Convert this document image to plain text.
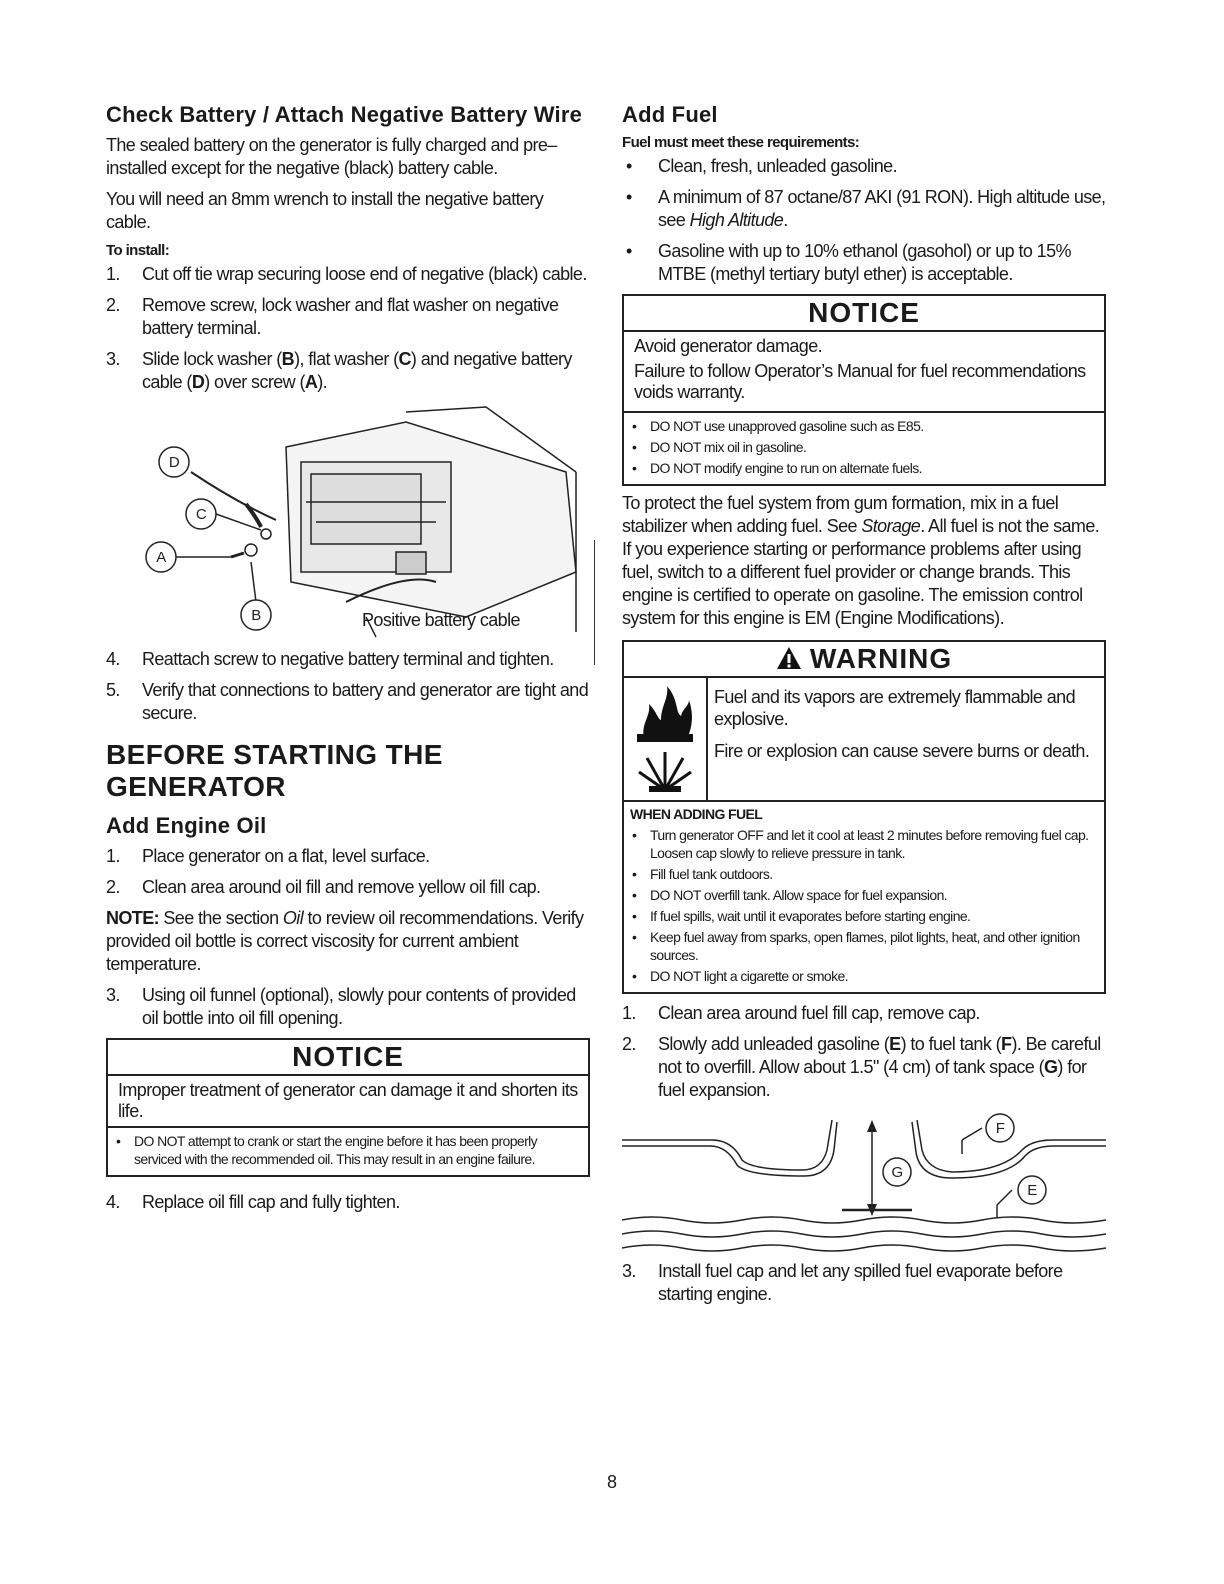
Check Battery / Attach Negative Battery Wire

The sealed battery on the generator is fully charged and pre–installed except for the negative (black) battery cable.

You will need an 8mm wrench to install the negative battery cable.

To install:
1. Cut off tie wrap securing loose end of negative (black) cable.
2. Remove screw, lock washer and flat washer on negative battery terminal.
3. Slide lock washer (B), flat washer (C) and negative battery cable (D) over screw (A).
D
C
A
B	Positive battery cable
4. Reattach screw to negative battery terminal and tighten.
5. Verify that connections to battery and generator are tight and secure.
BEFORE STARTING THE GENERATOR
Add Engine Oil
1. Place generator on a flat, level surface.
2. Clean area around oil fill and remove yellow oil fill cap.

NOTE: See the section Oil to review oil recommendations. Verify provided oil bottle is correct viscosity for current ambient temperature.

3. Using oil funnel (optional), slowly pour contents of provided oil bottle into oil fill opening.
NOTICE
Improper treatment of generator can damage it and shorten its life.
• DO NOT attempt to crank or start the engine before it has been properly serviced with the recommended oil. This may result in an engine failure.
4. Replace oil fill cap and fully tighten.
Add Fuel
Fuel must meet these requirements:
• Clean, fresh, unleaded gasoline.
• A minimum of 87 octane/87 AKI (91 RON). High altitude use, see High Altitude.
• Gasoline with up to 10% ethanol (gasohol) or up to 15% MTBE (methyl tertiary butyl ether) is acceptable.
NOTICE
Avoid generator damage.
Failure to follow Operator’s Manual for fuel recommendations voids warranty.
• DO NOT use unapproved gasoline such as E85.
• DO NOT mix oil in gasoline.
• DO NOT modify engine to run on alternate fuels.

To protect the fuel system from gum formation, mix in a fuel stabilizer when adding fuel. See Storage. All fuel is not the same. If you experience starting or performance problems after using fuel, switch to a different fuel provider or change brands. This engine is certified to operate on gasoline. The emission control system for this engine is EM (Engine Modifications).

WARNING
Fuel and its vapors are extremely flammable and explosive.
Fire or explosion can cause severe burns or death.
WHEN ADDING FUEL
• Turn generator OFF and let it cool at least 2 minutes before removing fuel cap. Loosen cap slowly to relieve pressure in tank.
• Fill fuel tank outdoors.
• DO NOT overfill tank. Allow space for fuel expansion.
• If fuel spills, wait until it evaporates before starting engine.
• Keep fuel away from sparks, open flames, pilot lights, heat, and other ignition sources.
• DO NOT light a cigarette or smoke.
1. Clean area around fuel fill cap, remove cap.
2. Slowly add unleaded gasoline (E) to fuel tank (F). Be careful not to overfill. Allow about 1.5" (4 cm) of tank space (G) for fuel expansion.
F
G
E
3. Install fuel cap and let any spilled fuel evaporate before starting engine.
8
